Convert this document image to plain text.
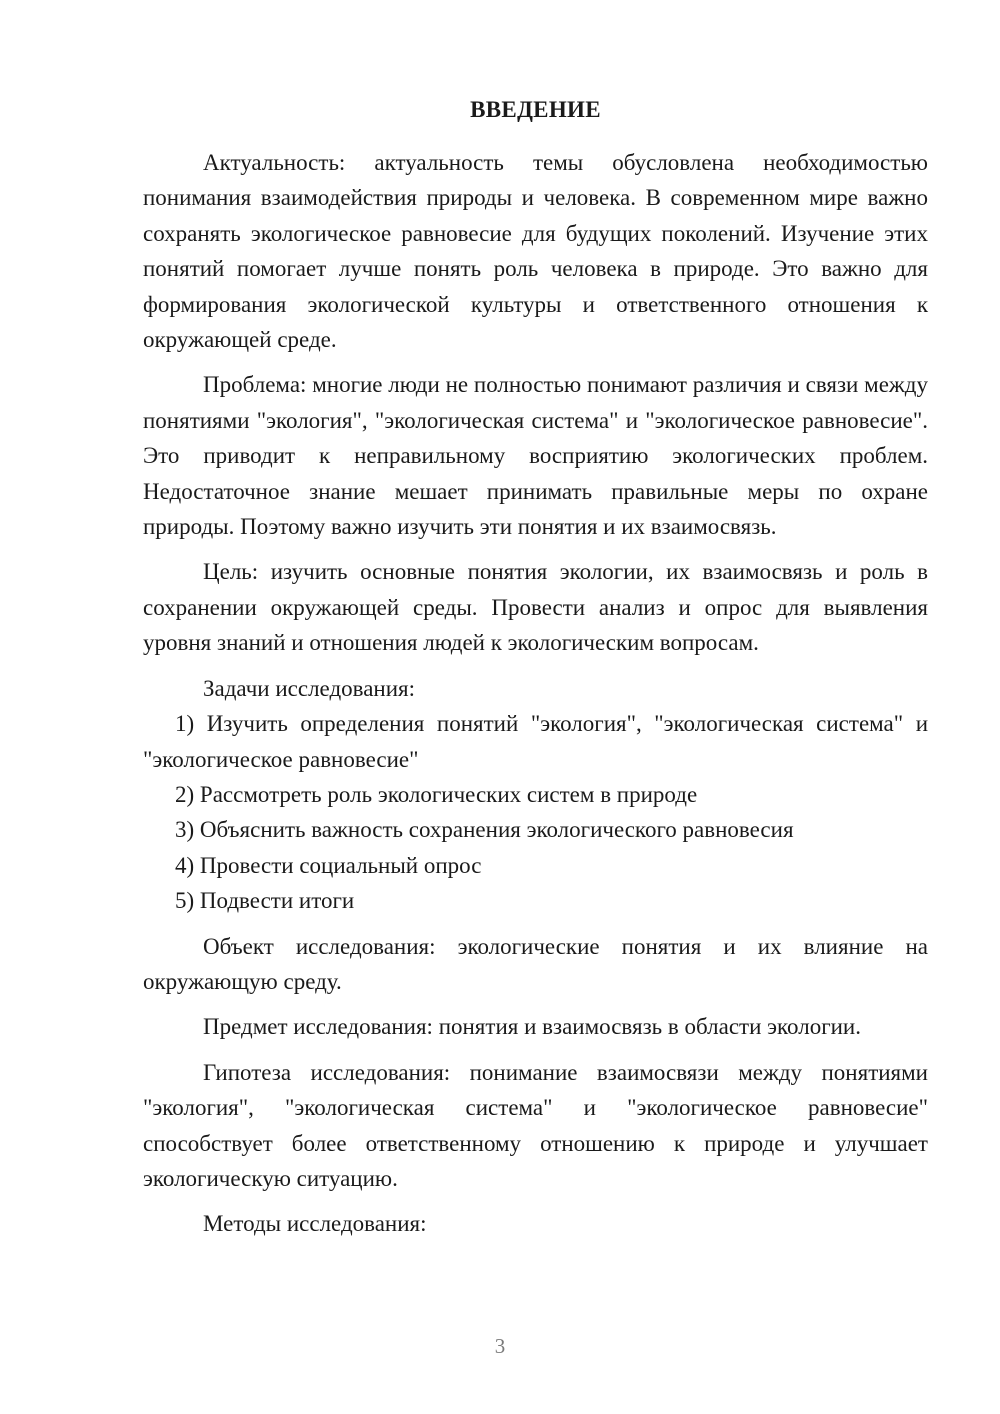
ВВЕДЕНИЕ

Актуальность: актуальность темы обусловлена необходимостью понимания взаимодействия природы и человека. В современном мире важно сохранять экологическое равновесие для будущих поколений. Изучение этих понятий помогает лучше понять роль человека в природе. Это важно для формирования экологической культуры и ответственного отношения к окружающей среде.

Проблема: многие люди не полностью понимают различия и связи между понятиями "экология", "экологическая система" и "экологическое равновесие". Это приводит к неправильному восприятию экологических проблем. Недостаточное знание мешает принимать правильные меры по охране природы. Поэтому важно изучить эти понятия и их взаимосвязь.

Цель: изучить основные понятия экологии, их взаимосвязь и роль в сохранении окружающей среды. Провести анализ и опрос для выявления уровня знаний и отношения людей к экологическим вопросам.

Задачи исследования:

1) Изучить определения понятий "экология", "экологическая система" и "экологическое равновесие"

2) Рассмотреть роль экологических систем в природе

3) Объяснить важность сохранения экологического равновесия

4) Провести социальный опрос

5) Подвести итоги

Объект исследования: экологические понятия и их влияние на окружающую среду.

Предмет исследования: понятия и взаимосвязь в области экологии.

Гипотеза исследования: понимание взаимосвязи между понятиями "экология", "экологическая система" и "экологическое равновесие" способствует более ответственному отношению к природе и улучшает экологическую ситуацию.

Методы исследования:

3
